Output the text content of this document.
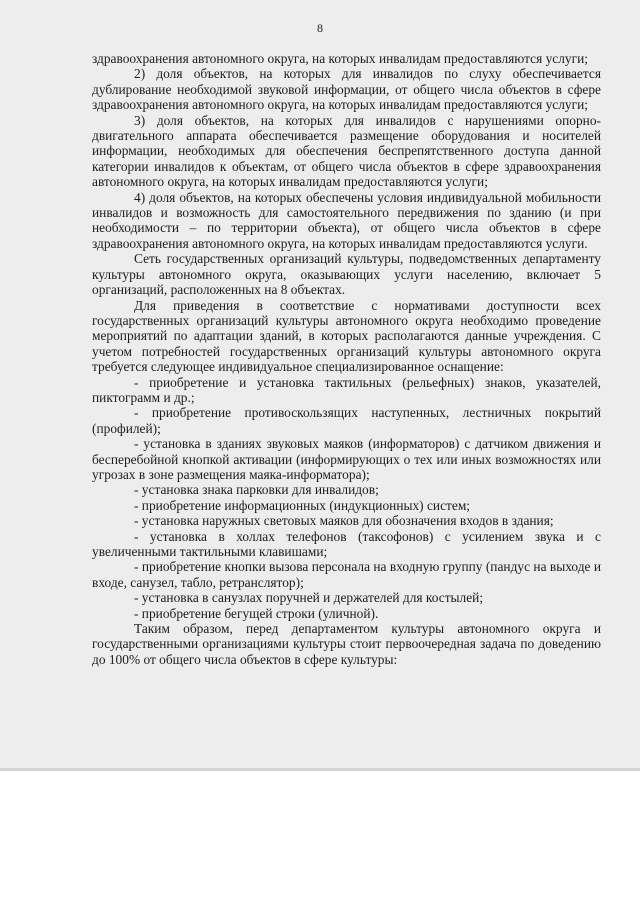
8

здравоохранения автономного округа, на которых инвалидам предоставляются услуги;

2) доля объектов, на которых для инвалидов по слуху обеспечивается дублирование необходимой звуковой информации, от общего числа объектов в сфере здравоохранения автономного округа, на которых инвалидам предоставляются услуги;

3) доля объектов, на которых для инвалидов с нарушениями опорно-двигательного аппарата обеспечивается размещение оборудования и носителей информации, необходимых для обеспечения беспрепятственного доступа данной категории инвалидов к объектам, от общего числа объектов в сфере здравоохранения автономного округа, на которых инвалидам предоставляются услуги;

4) доля объектов, на которых обеспечены условия индивидуальной мобильности инвалидов и возможность для самостоятельного передвижения по зданию (и при необходимости – по территории объекта), от общего числа объектов в сфере здравоохранения автономного округа, на которых инвалидам предоставляются услуги.

Сеть государственных организаций культуры, подведомственных департаменту культуры автономного округа, оказывающих услуги населению, включает 5 организаций, расположенных на 8 объектах.

Для приведения в соответствие с нормативами доступности всех государственных организаций культуры автономного округа необходимо проведение мероприятий по адаптации зданий, в которых располагаются данные учреждения. С учетом потребностей государственных организаций культуры автономного округа требуется следующее индивидуальное специализированное оснащение:

- приобретение и установка тактильных (рельефных) знаков, указателей, пиктограмм и др.;

- приобретение противоскользящих наступенных, лестничных покрытий (профилей);

- установка в зданиях звуковых маяков (информаторов) с датчиком движения и бесперебойной кнопкой активации (информирующих о тех или иных возможностях или угрозах в зоне размещения маяка-информатора);

- установка знака парковки для инвалидов;

- приобретение информационных (индукционных) систем;

- установка наружных световых маяков для обозначения входов в здания;

- установка в холлах телефонов (таксофонов) с усилением звука и с увеличенными тактильными клавишами;

- приобретение кнопки вызова персонала на входную группу (пандус на выходе и входе, санузел, табло, ретранслятор);

- установка в санузлах поручней и держателей для костылей;

- приобретение бегущей строки (уличной).

Таким образом, перед департаментом культуры автономного округа и государственными организациями культуры стоит первоочередная задача по доведению до 100% от общего числа объектов в сфере культуры:
